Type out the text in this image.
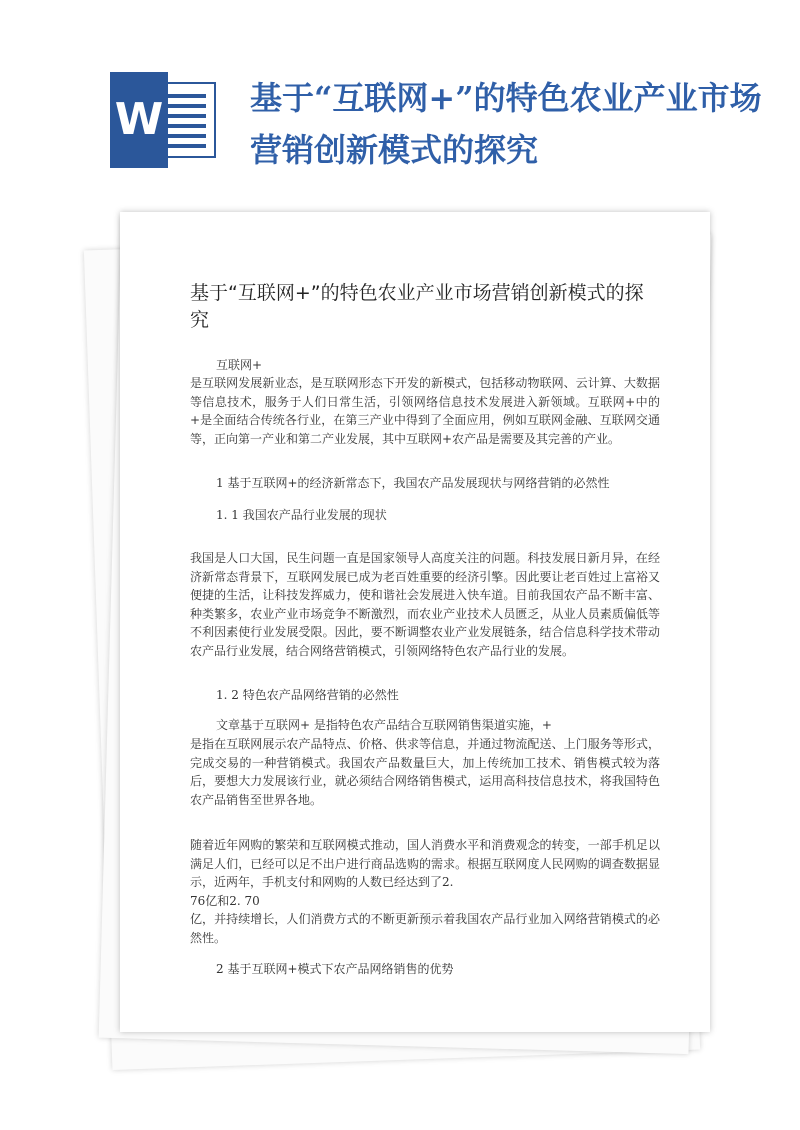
W	基于“互联网+”的特色农业产业市场营销创新模式的探究
基于“互联网+”的特色农业产业市场营销创新模式的探究
互联网+
是互联网发展新业态，是互联网形态下开发的新模式，包括移动物联网、云计算、大数据等信息技术，服务于人们日常生活，引领网络信息技术发展进入新领域。互联网+中的+是全面结合传统各行业，在第三产业中得到了全面应用，例如互联网金融、互联网交通等，正向第一产业和第二产业发展，其中互联网+农产品是需要及其完善的产业。
1 基于互联网+的经济新常态下，我国农产品发展现状与网络营销的必然性
1. 1 我国农产品行业发展的现状
我国是人口大国，民生问题一直是国家领导人高度关注的问题。科技发展日新月异，在经济新常态背景下，互联网发展已成为老百姓重要的经济引擎。因此要让老百姓过上富裕又便捷的生活，让科技发挥威力，使和谐社会发展进入快车道。目前我国农产品不断丰富、种类繁多，农业产业市场竞争不断激烈，而农业产业技术人员匮乏，从业人员素质偏低等不利因素使行业发展受限。因此，要不断调整农业产业发展链条，结合信息科学技术带动农产品行业发展，结合网络营销模式，引领网络特色农产品行业的发展。
1. 2 特色农产品网络营销的必然性
文章基于互联网+ 是指特色农产品结合互联网销售渠道实施，+
是指在互联网展示农产品特点、价格、供求等信息，并通过物流配送、上门服务等形式，完成交易的一种营销模式。我国农产品数量巨大，加上传统加工技术、销售模式较为落后，要想大力发展该行业，就必须结合网络销售模式，运用高科技信息技术，将我国特色农产品销售至世界各地。
随着近年网购的繁荣和互联网模式推动，国人消费水平和消费观念的转变，一部手机足以满足人们，已经可以足不出户进行商品选购的需求。根据互联网度人民网购的调查数据显示，近两年，手机支付和网购的人数已经达到了2.
76亿和2. 70
亿，并持续增长，人们消费方式的不断更新预示着我国农产品行业加入网络营销模式的必然性。
2 基于互联网+模式下农产品网络销售的优势
